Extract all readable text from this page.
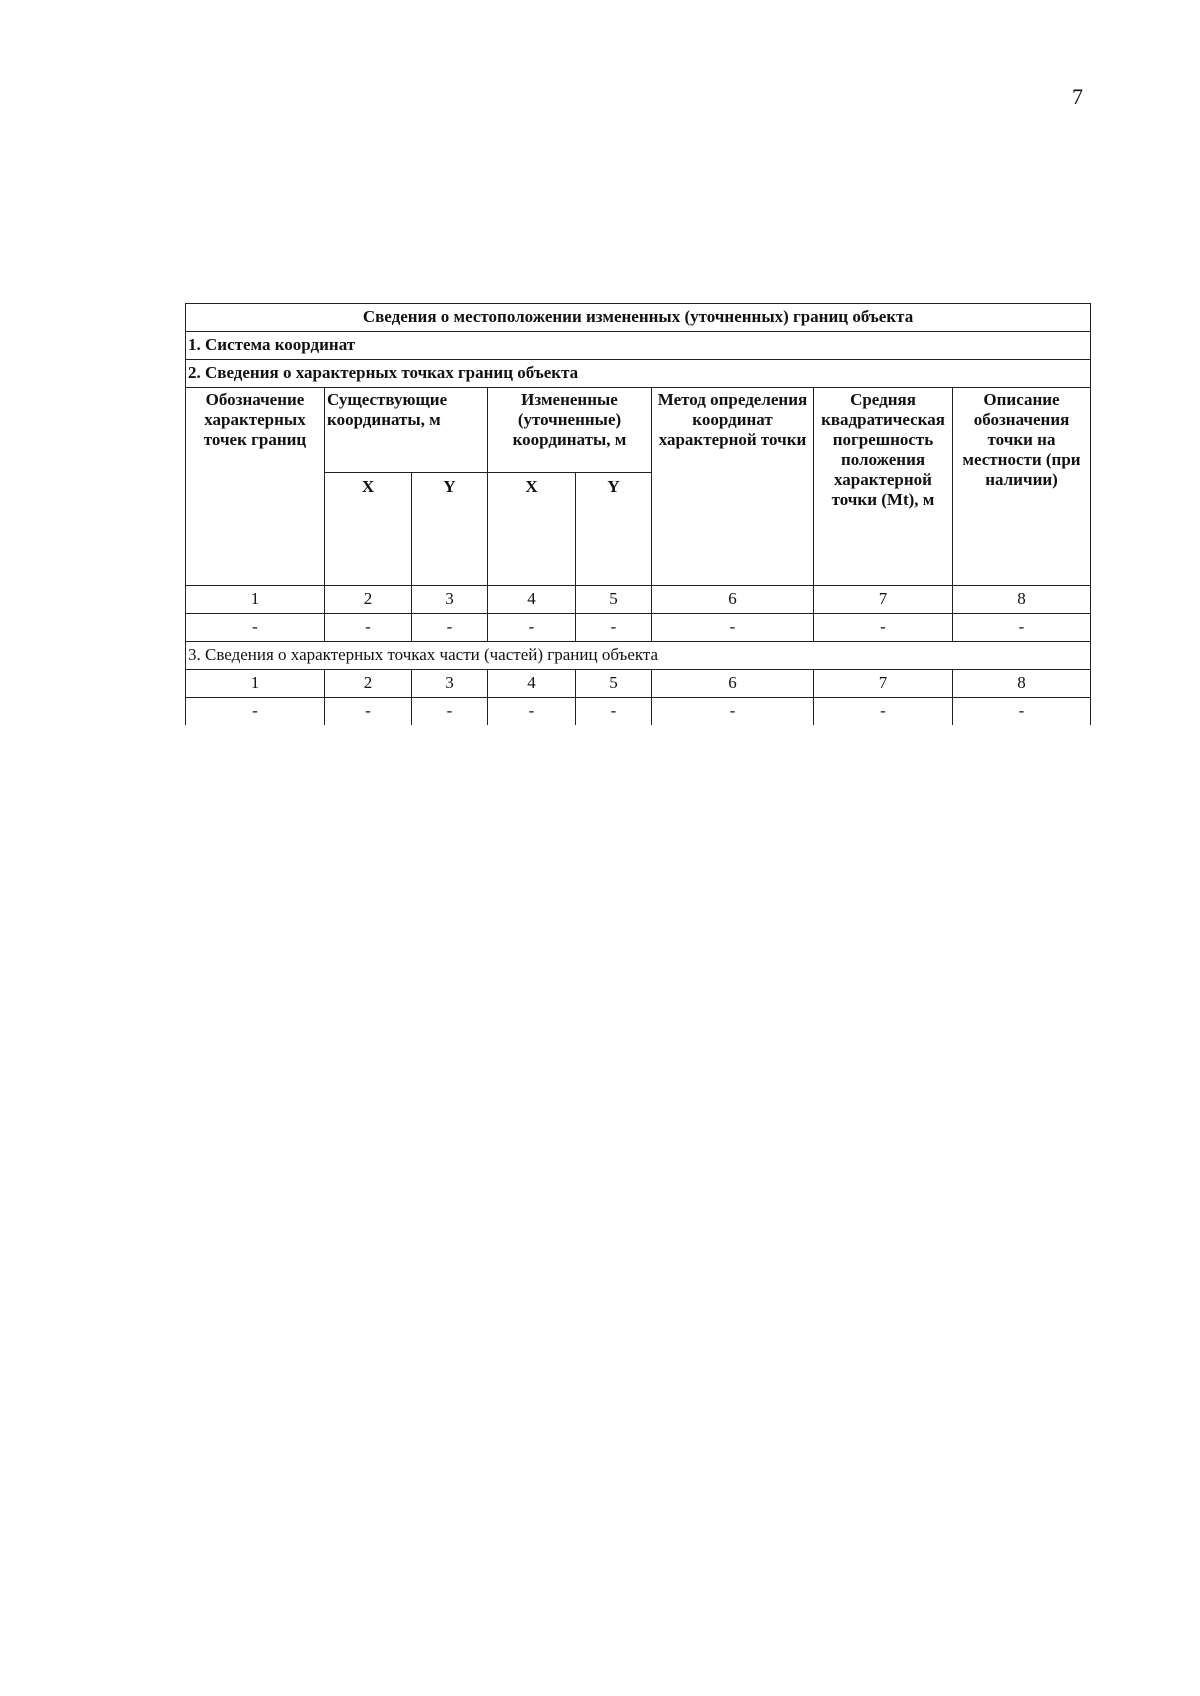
7
Сведения о местоположении измененных (уточненных) границ объекта							
1. Система координат							
2. Сведения о характерных точках границ объекта							
Обозначение характерных точек границ	Существующие координаты, м		Измененные (уточненные) координаты, м		Метод определения координат характерной точки	Средняя квадратическая погрешность положения характерной точки (Mt), м	Описание обозначения точки на местности (при наличии)
	X	Y	X	Y			
1	2	3	4	5	6	7	8
-	-	-	-	-	-	-	-
3. Сведения о характерных точках части (частей) границ объекта							
1	2	3	4	5	6	7	8
-	-	-	-	-	-	-	-
